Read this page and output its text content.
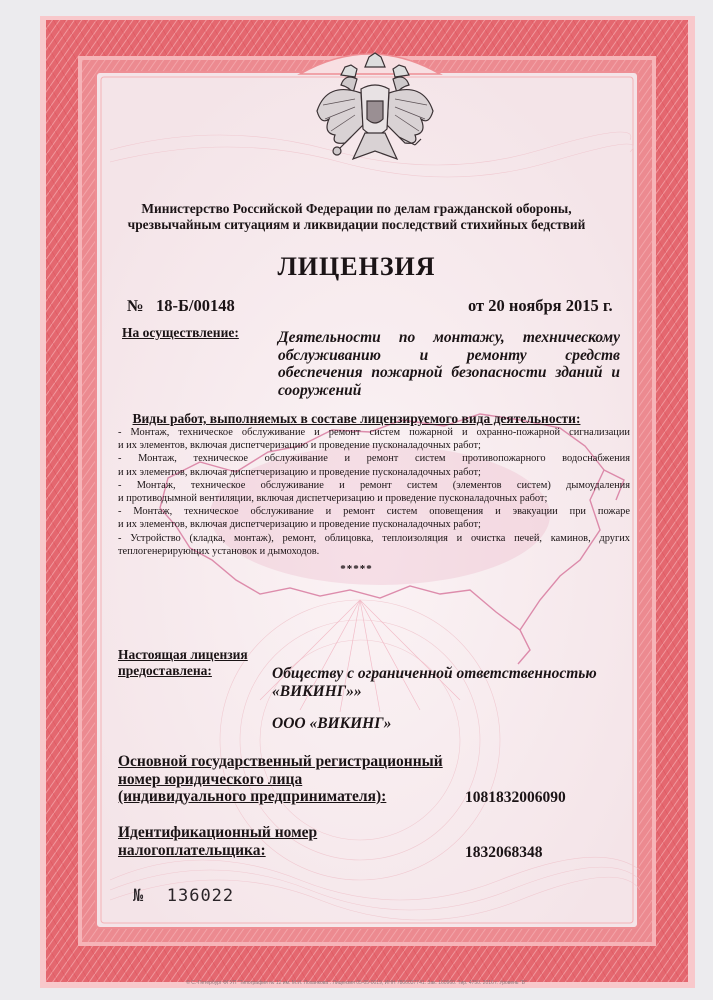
Министерство Российской Федерации по делам гражданской обороны,
чрезвычайным ситуациям и ликвидации последствий стихийных бедствий

ЛИЦЕНЗИЯ

№ 18-Б/00148	от 20 ноября 2015 г.

На осуществление:	Деятельности по монтажу, техническому
обслуживанию и ремонту средств
обеспечения пожарной безопасности зданий и
сооружений

Виды работ, выполняемых в составе лицензируемого вида деятельности:

- Монтаж, техническое обслуживание и ремонт систем пожарной и охранно-пожарной сигнализации
и их элементов, включая диспетчеризацию и проведение пусконаладочных работ;
- Монтаж, техническое обслуживание и ремонт систем противопожарного водоснабжения
и их элементов, включая диспетчеризацию и проведение пусконаладочных работ;
- Монтаж, техническое обслуживание и ремонт систем (элементов систем) дымоудаления
и противодымной вентиляции, включая диспетчеризацию и проведение пусконаладочных работ;
- Монтаж, техническое обслуживание и ремонт систем оповещения и эвакуации при пожаре
и их элементов, включая диспетчеризацию и проведение пусконаладочных работ;
- Устройство (кладка, монтаж), ремонт, облицовка, теплоизоляция и очистка печей, каминов, других
теплогенерирующих установок и дымоходов.

*****

Настоящая лицензия
предоставлена:	Обществу с ограниченной ответственностью
«ВИКИНГ»»

ООО «ВИКИНГ»

Основной государственный регистрационный
номер юридического лица
(индивидуального предпринимателя):	1081832006090

Идентификационный номер
налогоплательщика:	1832068348

№ 136022

© С.-Петербург ФГУП "Типография № 12 им. М.И. Лоханкова". Лицензия 05-05-0019, ИНН 7806037741. Зак. 160960. Тир. 4750. 2016 г. Уровень "В"
